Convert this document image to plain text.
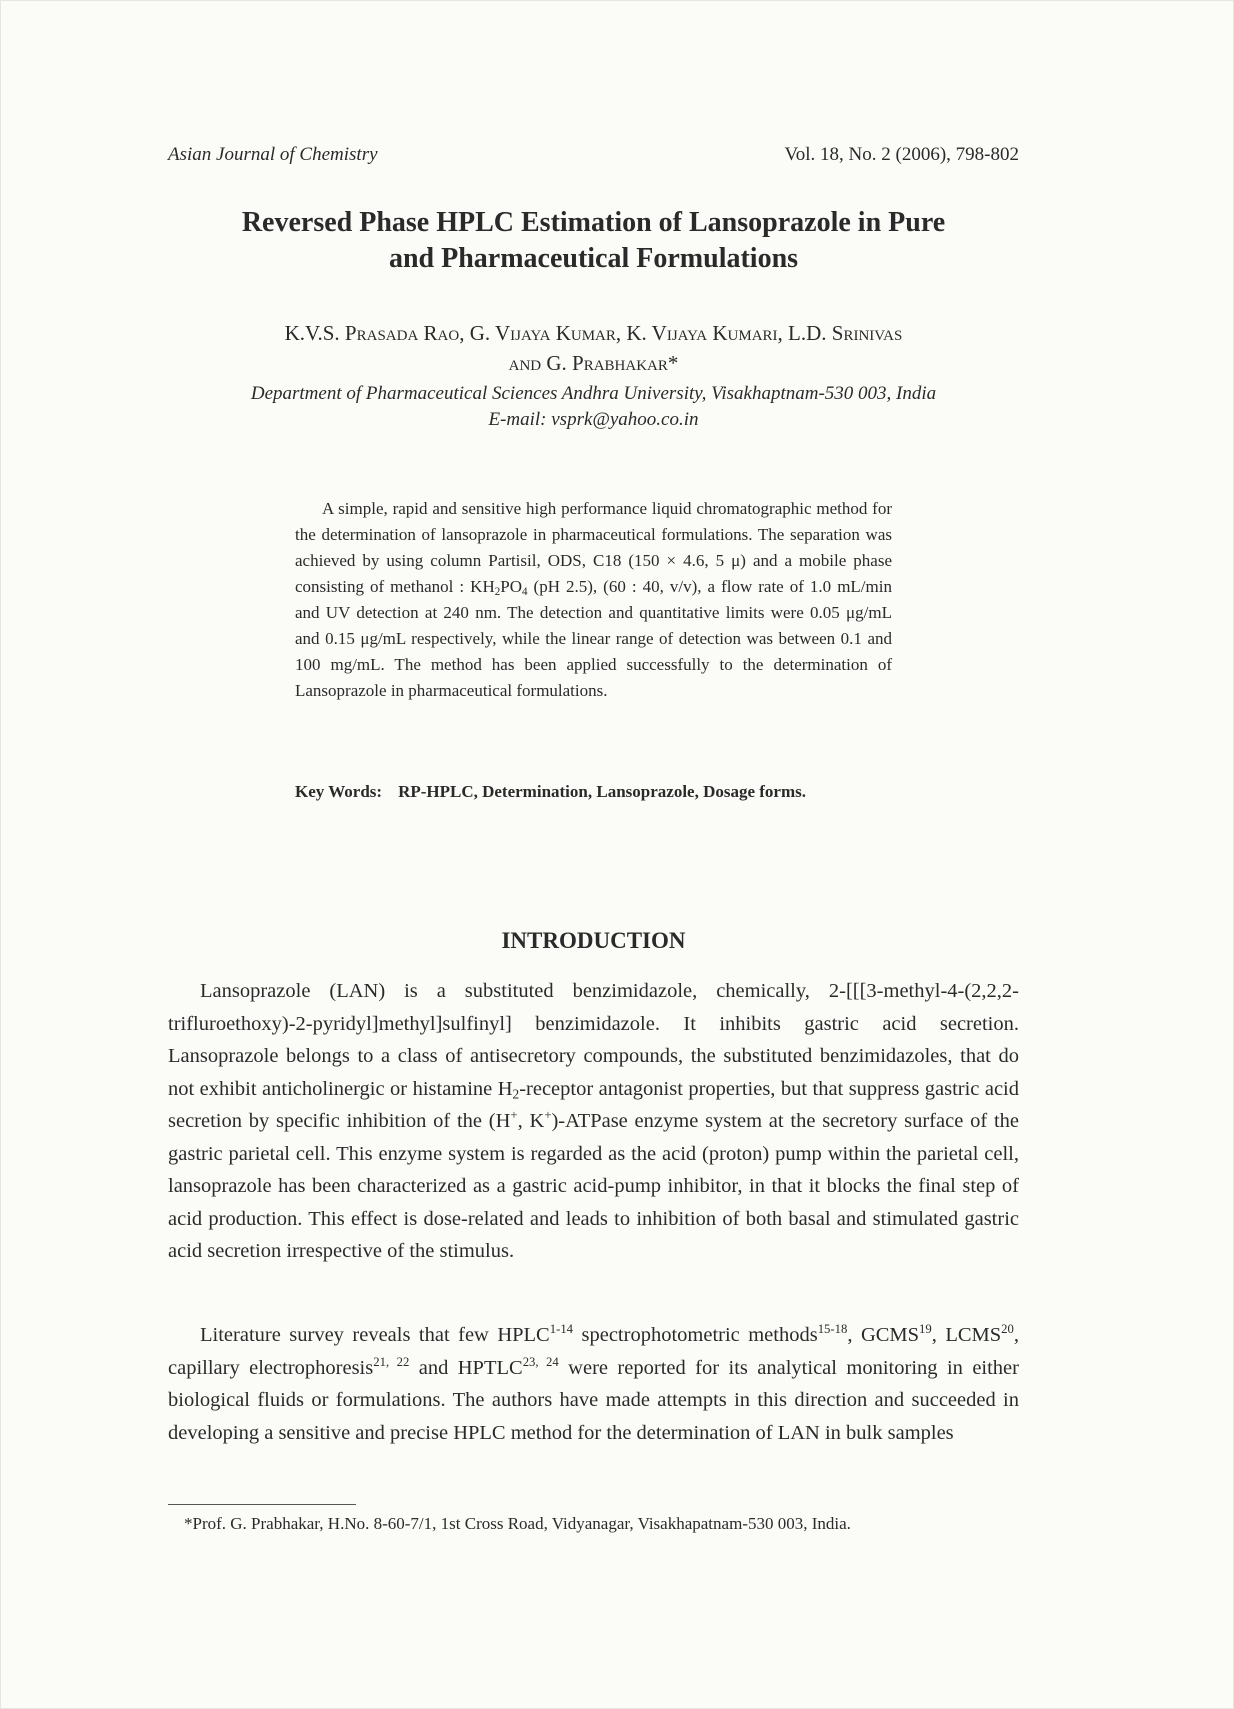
Asian Journal of Chemistry	Vol. 18, No. 2 (2006), 798-802
Reversed Phase HPLC Estimation of Lansoprazole in Pure
and Pharmaceutical Formulations
K.V.S. Prasada Rao, G. Vijaya Kumar, K. Vijaya Kumari, L.D. Srinivas
and G. Prabhakar*
Department of Pharmaceutical Sciences Andhra University, Visakhaptnam-530 003, India
E-mail: vsprk@yahoo.co.in

A simple, rapid and sensitive high performance liquid chromatographic method for the determination of lansoprazole in pharmaceutical formulations. The separation was achieved by using column Partisil, ODS, C18 (150 × 4.6, 5 μ) and a mobile phase consisting of methanol : $KH_2PO_4$ (pH 2.5), (60 : 40, v/v), a flow rate of 1.0 mL/min and UV detection at 240 nm. The detection and quantitative limits were 0.05 μg/mL and 0.15 μg/mL respectively, while the linear range of detection was between 0.1 and 100 mg/mL. The method has been applied successfully to the determination of Lansoprazole in pharmaceutical formulations.

Key Words: RP-HPLC, Determination, Lansoprazole, Dosage forms.
INTRODUCTION

Lansoprazole (LAN) is a substituted benzimidazole, chemically, 2-[[[3-methyl-4-(2,2,2-trifluroethoxy)-2-pyridyl]methyl]sulfinyl] benzimidazole. It inhibits gastric acid secretion. Lansoprazole belongs to a class of antisecretory compounds, the substituted benzimidazoles, that do not exhibit anticholinergic or histamine $H_2$-receptor antagonist properties, but that suppress gastric acid secretion by specific inhibition of the (H+, K+)-ATPase enzyme system at the secretory surface of the gastric parietal cell. This enzyme system is regarded as the acid (proton) pump within the parietal cell, lansoprazole has been characterized as a gastric acid-pump inhibitor, in that it blocks the final step of acid production. This effect is dose-related and leads to inhibition of both basal and stimulated gastric acid secretion irrespective of the stimulus.

Literature survey reveals that few HPLC$^{1-14}$ spectrophotometric methods$^{15-18}$, GCMS$^{19}$, LCMS$^{20}$, capillary electrophoresis$^{21, 22}$ and HPTLC$^{23, 24}$ were reported for its analytical monitoring in either biological fluids or formulations. The authors have made attempts in this direction and succeeded in developing a sensitive and precise HPLC method for the determination of LAN in bulk samples

*Prof. G. Prabhakar, H.No. 8-60-7/1, 1st Cross Road, Vidyanagar, Visakhapatnam-530 003, India.
